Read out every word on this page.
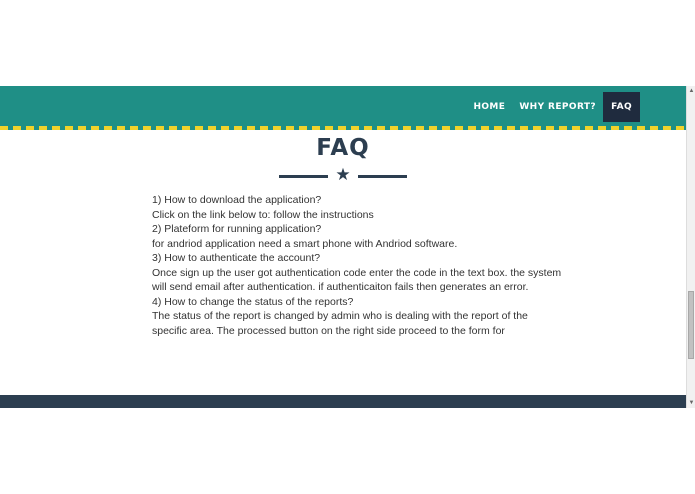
HOME	WHY REPORT?	FAQ
FAQ
★
1) How to download the application?
Click on the link below to: follow the instructions
2) Plateform for running application?
for andriod application need a smart phone with Andriod software.
3) How to authenticate the account?
Once sign up the user got authentication code enter the code in the text box. the system
will send email after authentication. if authenticaiton fails then generates an error.
4) How to change the status of the reports?
The status of the report is changed by admin who is dealing with the report of the
specific area. The processed button on the right side proceed to the form for
▲
▼
